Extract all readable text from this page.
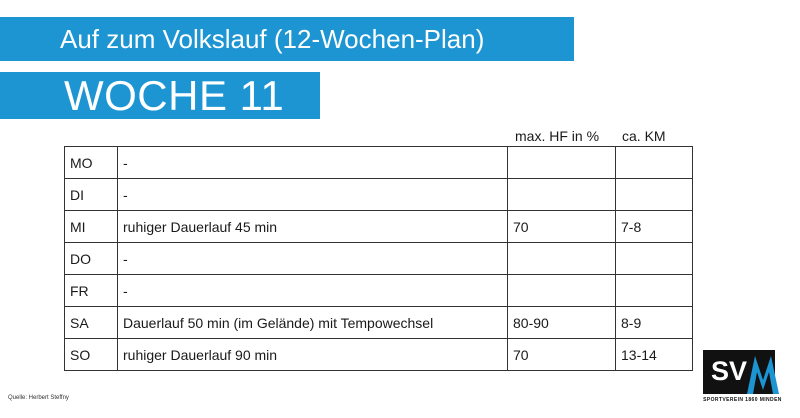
Auf zum Volkslauf (12-Wochen-Plan)
WOCHE 11
max. HF in % ca. KM
MO	-		
DI	-		
MI	ruhiger Dauerlauf 45 min	70	7-8
DO	-		
FR	-		
SA	Dauerlauf 50 min (im Gelände) mit Tempowechsel	80-90	8-9
SO	ruhiger Dauerlauf 90 min	70	13-14
Quelle: Herbert Steffny
SV
SPORTVEREIN 1860 MINDEN
